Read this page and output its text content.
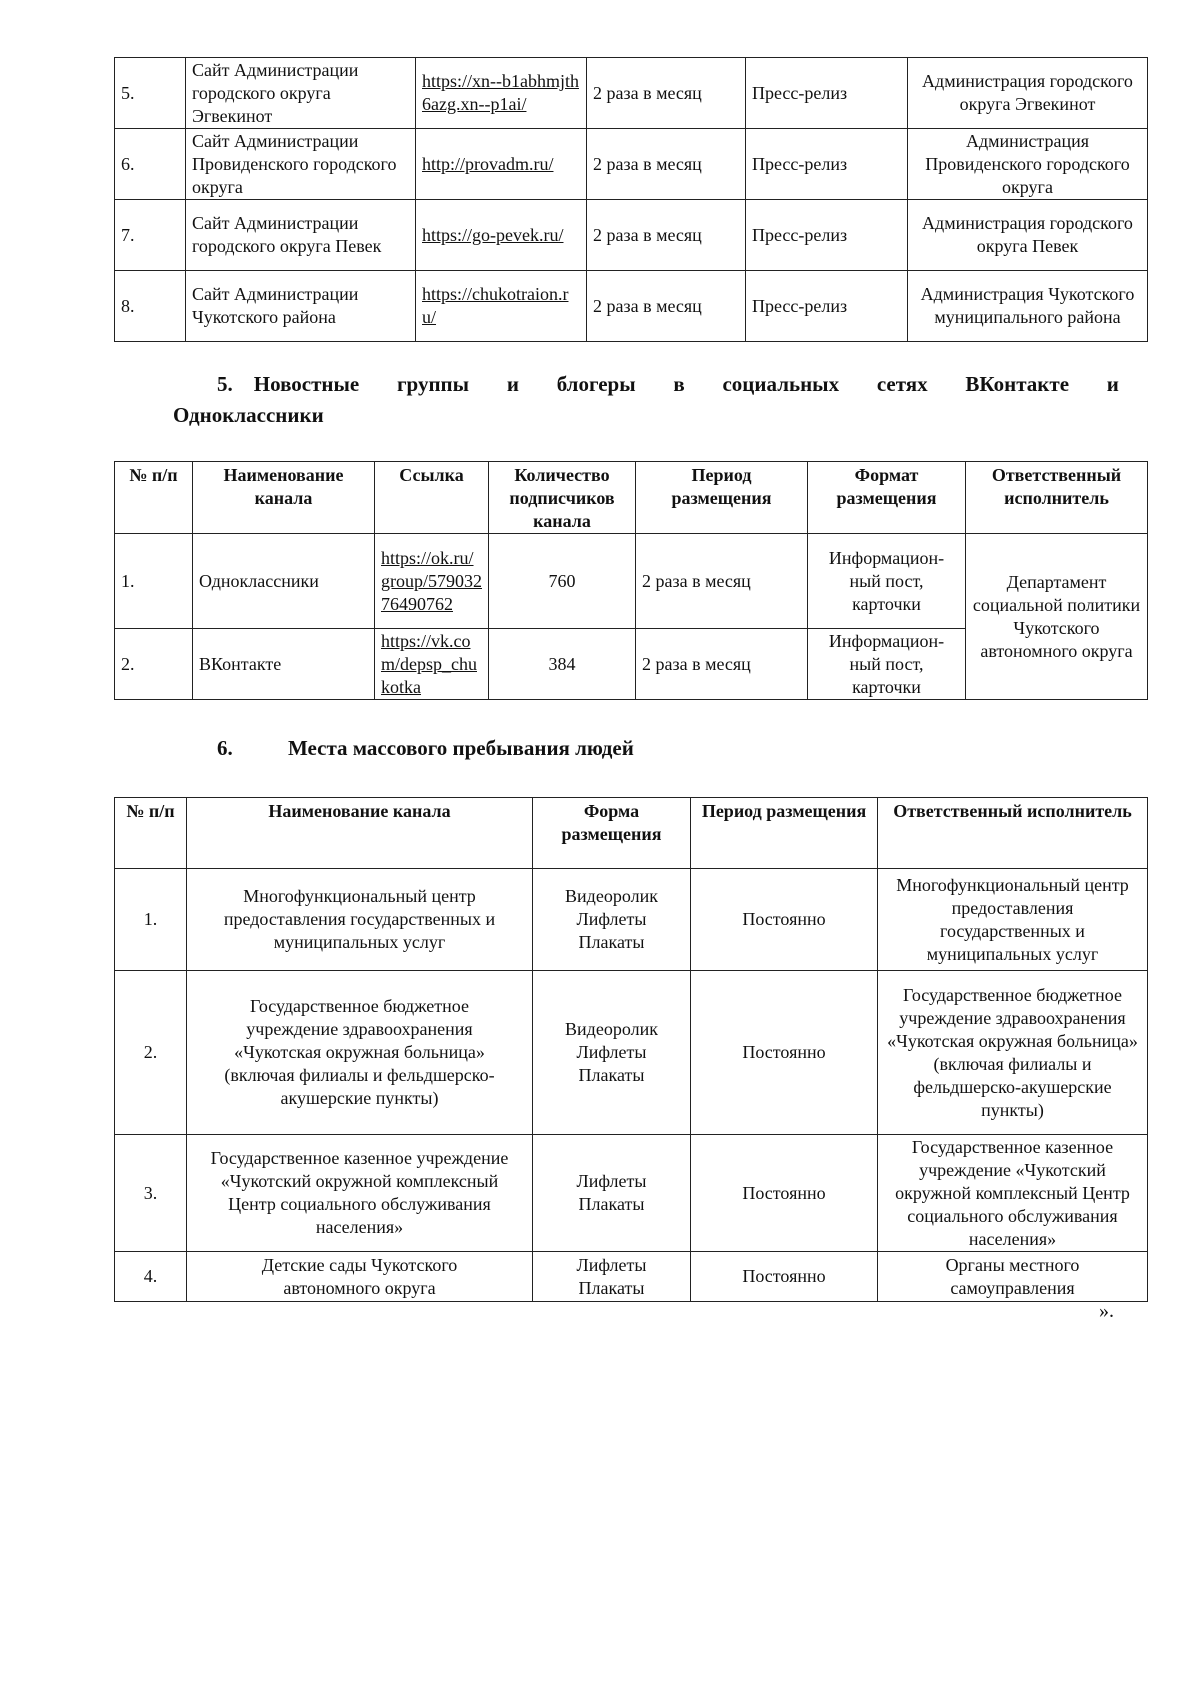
5.	Сайт Администрации городского округа Эгвекинот	https://xn--b1abhmjth6azg.xn--p1ai/	2 раза в месяц	Пресс-релиз	Администрация городского округа Эгвекинот
6.	Сайт Администрации Провиденского городского округа	http://provadm.ru/	2 раза в месяц	Пресс-релиз	Администрация Провиденского городского округа
7.	Сайт Администрации городского округа Певек	https://go-pevek.ru/	2 раза в месяц	Пресс-релиз	Администрация городского округа Певек
8.	Сайт Администрации Чукотского района	https://chukotraion.ru/	2 раза в месяц	Пресс-релиз	Администрация Чукотского муниципального района
5. Новостные группы и блогеры в социальных сетях ВКонтакте и
Одноклассники
№ п/п	Наименование канала	Ссылка	Количество подписчиков канала	Период размещения	Формат размещения	Ответственный исполнитель
1.	Одноклассники	https://ok.ru/group/57903276490762	760	2 раза в месяц	Информацион-ный пост, карточки	Департамент социальной политики Чукотского автономного округа
2.	ВКонтакте	https://vk.com/depsp_chukotka	384	2 раза в месяц	Информацион-ный пост, карточки	
6.	Места массового пребывания людей
№ п/п	Наименование канала	Форма размещения	Период размещения	Ответственный исполнитель
1.	Многофункциональный центр предоставления государственных и муниципальных услуг	Видеоролик Лифлеты Плакаты	Постоянно	Многофункциональный центр предоставления государственных и муниципальных услуг
2.	Государственное бюджетное учреждение здравоохранения «Чукотская окружная больница» (включая филиалы и фельдшерско-акушерские пункты)	Видеоролик Лифлеты Плакаты	Постоянно	Государственное бюджетное учреждение здравоохранения «Чукотская окружная больница» (включая филиалы и фельдшерско-акушерские пункты)
3.	Государственное казенное учреждение «Чукотский окружной комплексный Центр социального обслуживания населения»	Лифлеты Плакаты	Постоянно	Государственное казенное учреждение «Чукотский окружной комплексный Центр социального обслуживания населения»
4.	Детские сады Чукотского автономного округа	Лифлеты Плакаты	Постоянно	Органы местного самоуправления
».
